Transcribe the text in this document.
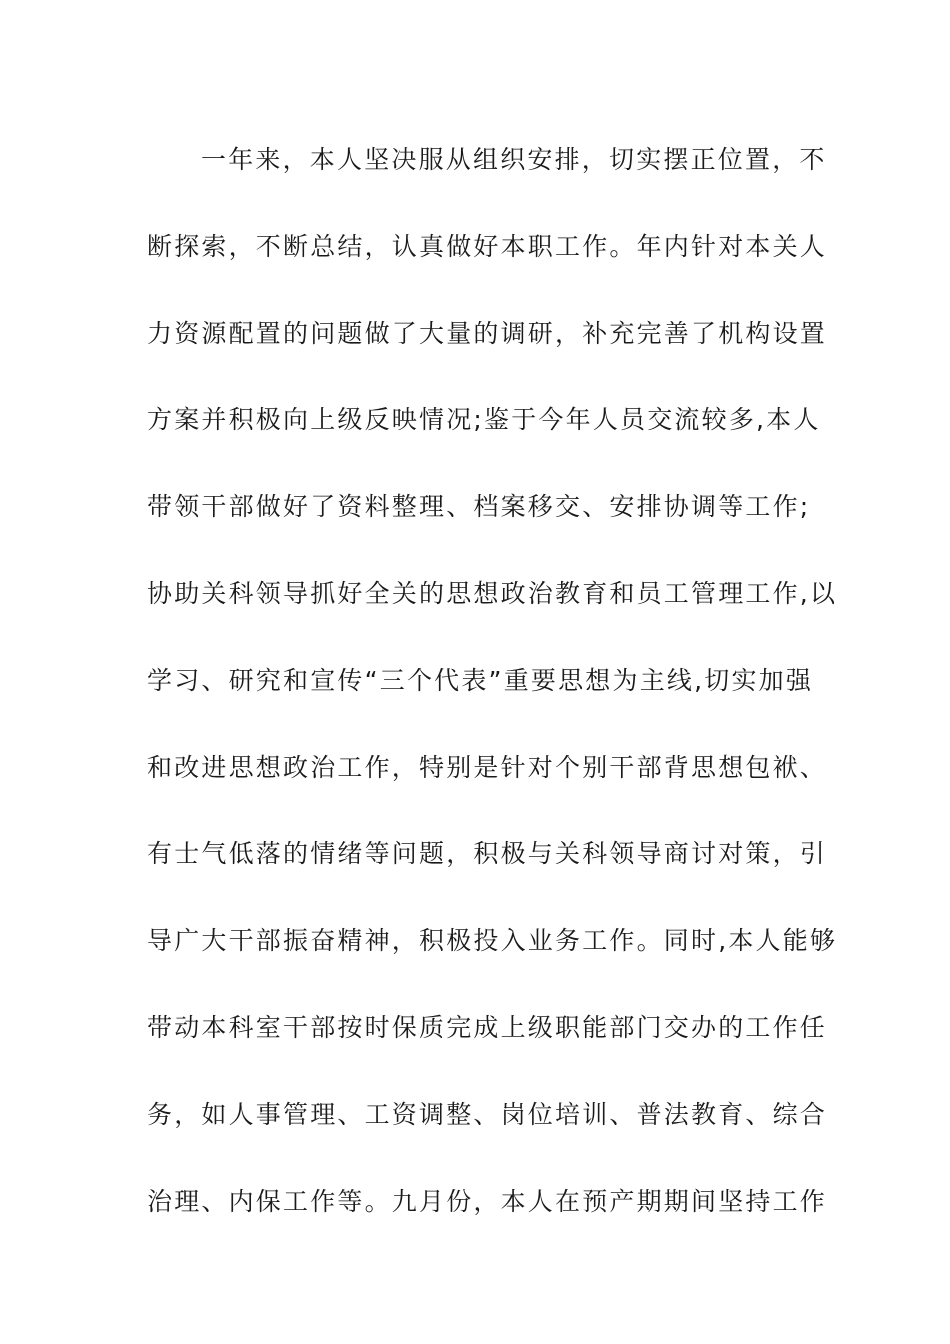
一年来，本人坚决服从组织安排，切实摆正位置，不
断探索，不断总结，认真做好本职工作。年内针对本关人
力资源配置的问题做了大量的调研，补充完善了机构设置
方案并积极向上级反映情况;鉴于今年人员交流较多,本人
带领干部做好了资料整理、档案移交、安排协调等工作;
协助关科领导抓好全关的思想政治教育和员工管理工作,以
学习、研究和宣传“三个代表”重要思想为主线,切实加强
和改进思想政治工作，特别是针对个别干部背思想包袱、
有士气低落的情绪等问题，积极与关科领导商讨对策，引
导广大干部振奋精神，积极投入业务工作。同时,本人能够
带动本科室干部按时保质完成上级职能部门交办的工作任
务，如人事管理、工资调整、岗位培训、普法教育、综合
治理、内保工作等。九月份，本人在预产期期间坚持工作
